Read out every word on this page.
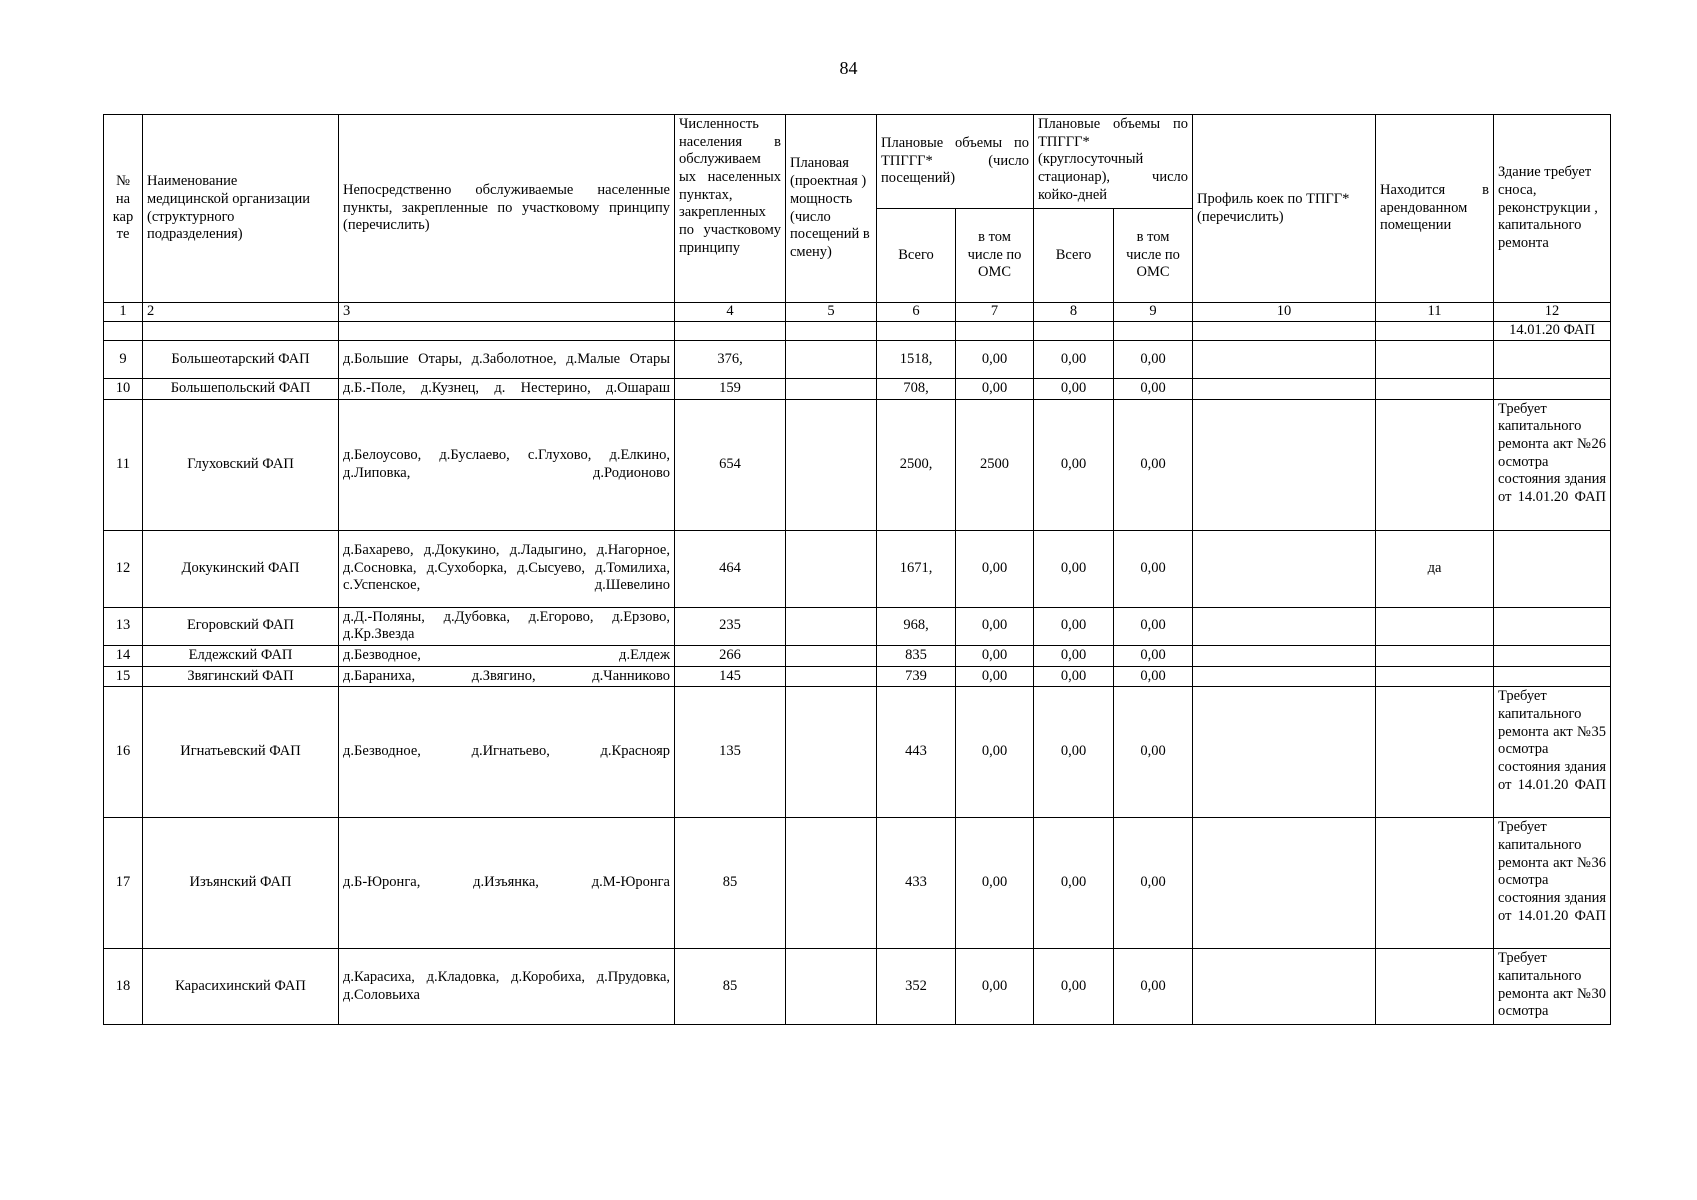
84
№
на
кар
те	Наименование
медицинской организации
(структурного
подразделения)	Непосредственно обслуживаемые населенные пункты, закрепленные по участковому принципу (перечислить)	Численность населения в обслуживаем ых населенных пунктах, закрепленных по участковому принципу	Плановая (проектная ) мощность (число посещений в смену)	Плановые объемы по ТПГГГ* (число посещений)		Плановые объемы по ТПГГГ* (круглосуточный стационар), число койко-дней		Профиль коек по ТПГГ* (перечислить)	Находится в арендованном помещении	Здание требует сноса, реконструкции , капитального ремонта
					Всего	в том числе по ОМС	Всего	в том числе по ОМС			
1	2	3	4	5	6	7	8	9	10	11	12
											14.01.20 ФАП
9	Большеотарский ФАП	д.Большие Отары, д.Заболотное, д.Малые Отары	376,		1518,	0,00	0,00	0,00			
10	Большепольский ФАП	д.Б.-Поле, д.Кузнец, д. Нестерино, д.Ошараш	159		708,	0,00	0,00	0,00			
11	Глуховский ФАП	д.Белоусово, д.Буслаево, с.Глухово, д.Елкино, д.Липовка, д.Родионово	654		2500,	2500	0,00	0,00			Требует капитального ремонта акт №26 осмотра состояния здания от 14.01.20 ФАП
12	Докукинский ФАП	д.Бахарево, д.Докукино, д.Ладыгино, д.Нагорное, д.Сосновка, д.Сухоборка, д.Сысуево, д.Томилиха, с.Успенское, д.Шевелино	464		1671,	0,00	0,00	0,00		да	
13	Егоровский ФАП	д.Д.-Поляны, д.Дубовка, д.Егорово, д.Ерзово, д.Кр.Звезда	235		968,	0,00	0,00	0,00			
14	Елдежский ФАП	д.Безводное, д.Елдеж	266		835	0,00	0,00	0,00			
15	Звягинский ФАП	д.Бараниха, д.Звягино, д.Чанниково	145		739	0,00	0,00	0,00			
16	Игнатьевский ФАП	д.Безводное, д.Игнатьево, д.Краснояр	135		443	0,00	0,00	0,00			Требует капитального ремонта акт №35 осмотра состояния здания от 14.01.20 ФАП
17	Изъянский ФАП	д.Б-Юронга, д.Изъянка, д.М-Юронга	85		433	0,00	0,00	0,00			Требует капитального ремонта акт №36 осмотра состояния здания от 14.01.20 ФАП
18	Карасихинский ФАП	д.Карасиха, д.Кладовка, д.Коробиха, д.Прудовка, д.Соловьиха	85		352	0,00	0,00	0,00			Требует капитального ремонта акт №30 осмотра
